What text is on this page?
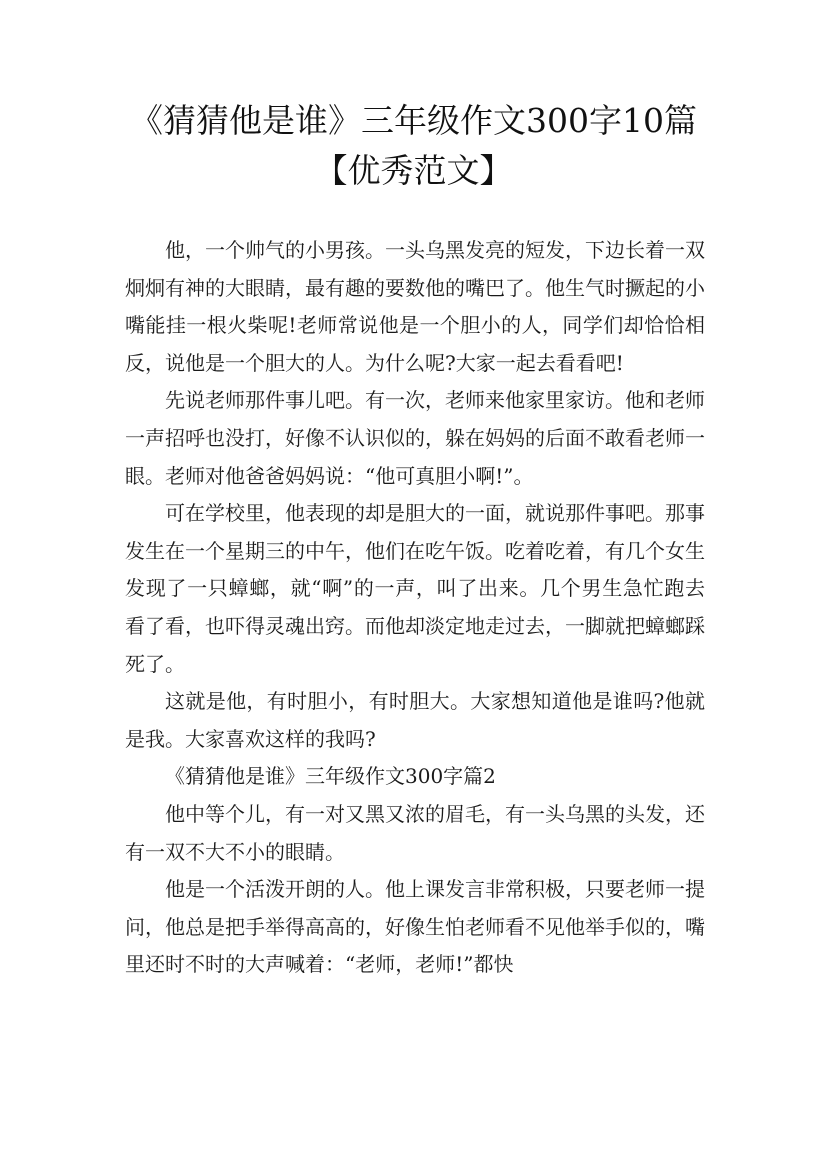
《猜猜他是谁》三年级作文300字10篇【优秀范文】

他，一个帅气的小男孩。一头乌黑发亮的短发，下边长着一双炯炯有神的大眼睛，最有趣的要数他的嘴巴了。他生气时撅起的小嘴能挂一根火柴呢!老师常说他是一个胆小的人，同学们却恰恰相反，说他是一个胆大的人。为什么呢?大家一起去看看吧!

先说老师那件事儿吧。有一次，老师来他家里家访。他和老师一声招呼也没打，好像不认识似的，躲在妈妈的后面不敢看老师一眼。老师对他爸爸妈妈说：“他可真胆小啊!”。

可在学校里，他表现的却是胆大的一面，就说那件事吧。那事发生在一个星期三的中午，他们在吃午饭。吃着吃着，有几个女生发现了一只蟑螂，就“啊”的一声，叫了出来。几个男生急忙跑去看了看，也吓得灵魂出窍。而他却淡定地走过去，一脚就把蟑螂踩死了。

这就是他，有时胆小，有时胆大。大家想知道他是谁吗?他就是我。大家喜欢这样的我吗?

《猜猜他是谁》三年级作文300字篇2

他中等个儿，有一对又黑又浓的眉毛，有一头乌黑的头发，还有一双不大不小的眼睛。

他是一个活泼开朗的人。他上课发言非常积极，只要老师一提问，他总是把手举得高高的，好像生怕老师看不见他举手似的，嘴里还时不时的大声喊着：“老师，老师!”都快
